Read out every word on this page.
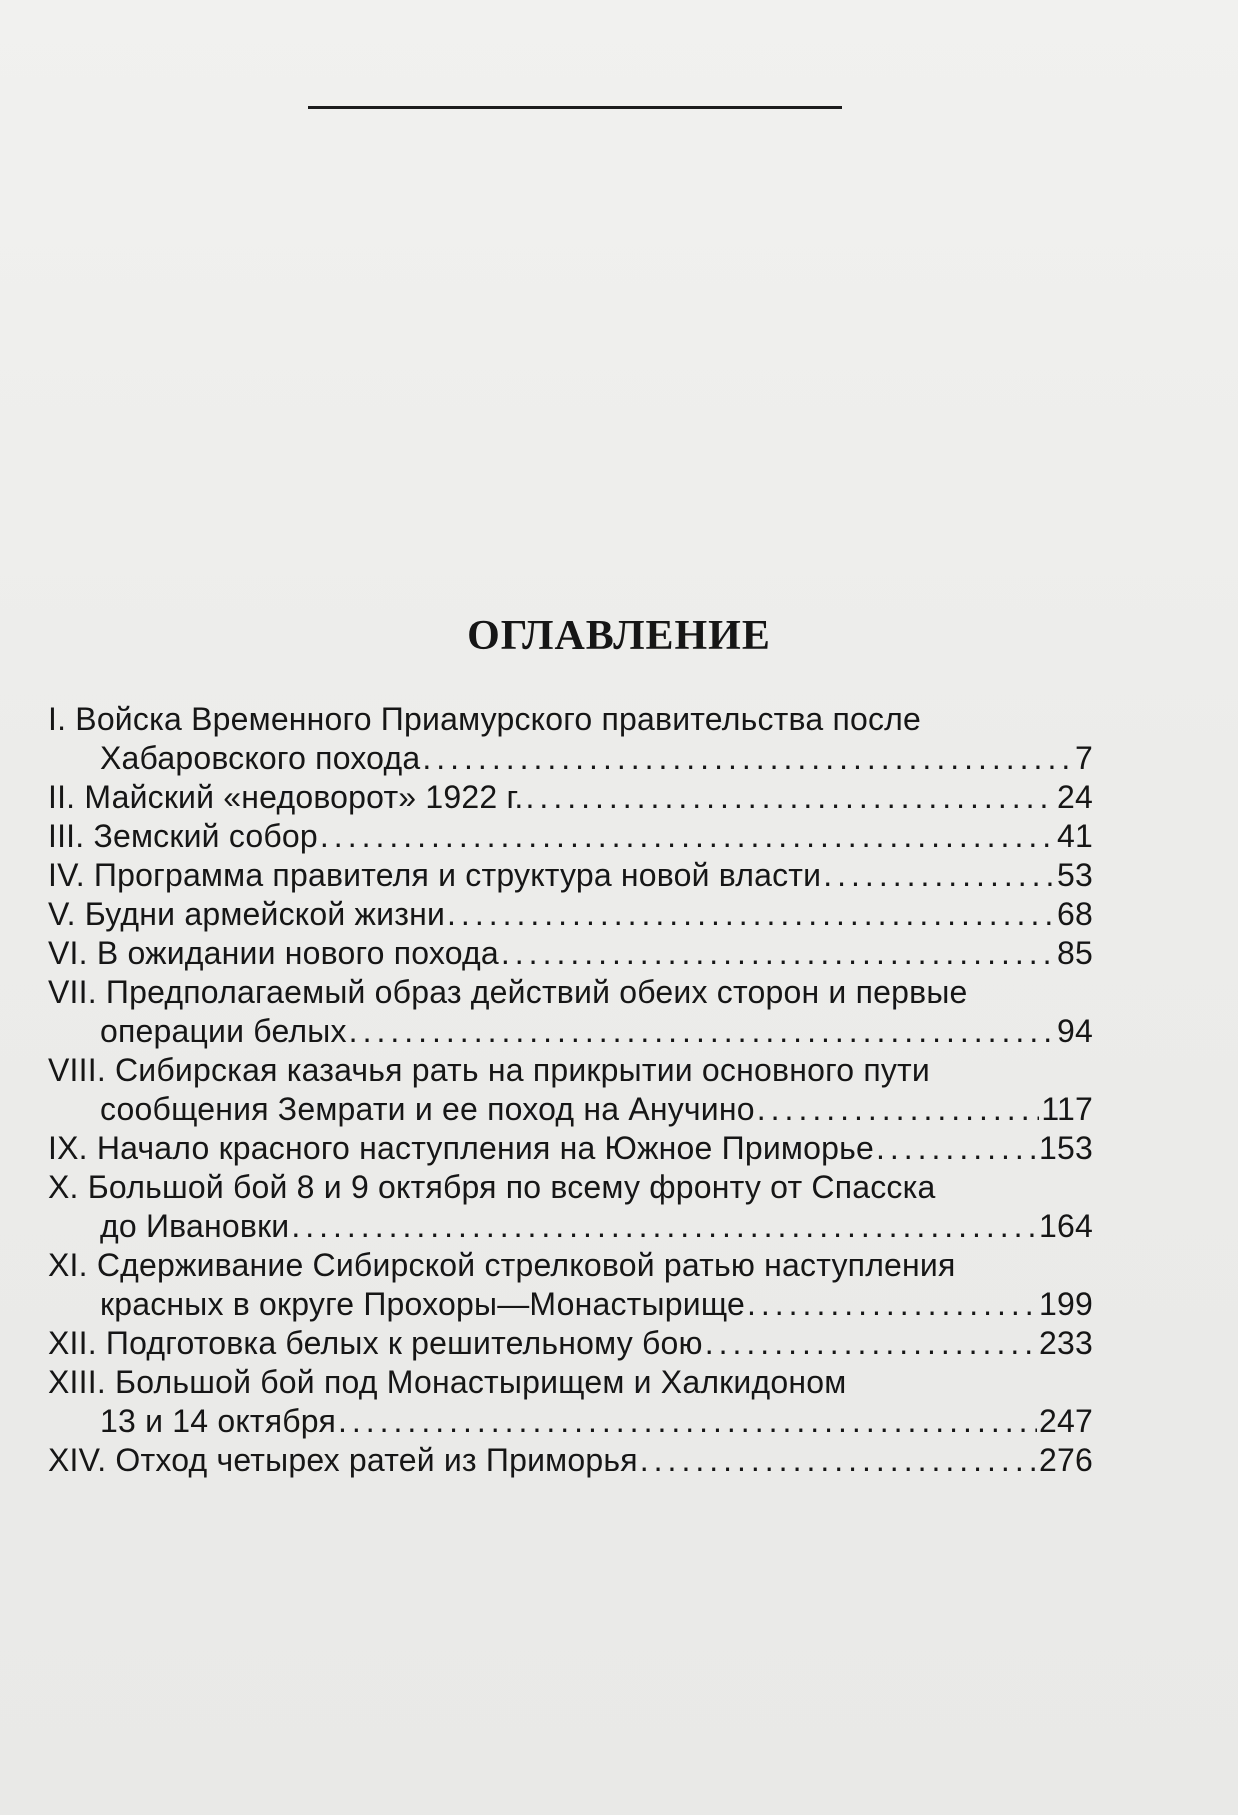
ОГЛАВЛЕНИЕ
I. Войска Временного Приамурского правительства после
Хабаровского похода .....	7
II. Майский «недоворот» 1922 г. .....	24
III. Земский собор .....	41
IV. Программа правителя и структура новой власти .....	53
V. Будни армейской жизни .....	68
VI. В ожидании нового похода .....	85
VII. Предполагаемый образ действий обеих сторон и первые
операции белых .....	94
VIII. Сибирская казачья рать на прикрытии основного пути
сообщения Земрати и ее поход на Анучино .....	117
IX. Начало красного наступления на Южное Приморье .....	153
X. Большой бой 8 и 9 октября по всему фронту от Спасска
до Ивановки .....	164
XI. Сдерживание Сибирской стрелковой ратью наступления
красных в округе Прохоры—Монастырище .....	199
XII. Подготовка белых к решительному бою .....	233
XIII. Большой бой под Монастырищем и Халкидоном
13 и 14 октября .....	247
XIV. Отход четырех ратей из Приморья .....	276
